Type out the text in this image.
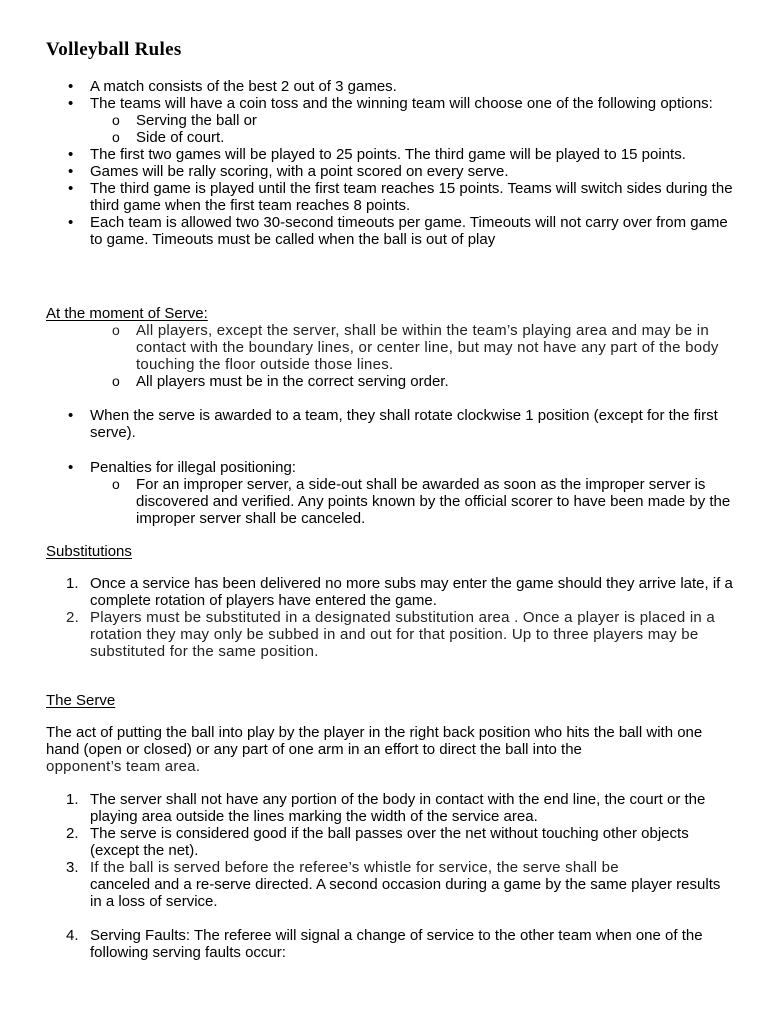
Volleyball Rules
•
A match consists of the best 2 out of 3 games.
•
The teams will have a coin toss and the winning team will choose one of the following options:
o Serving the ball or
o Side of court.
•
The first two games will be played to 25 points. The third game will be played to 15 points.
•
Games will be rally scoring, with a point scored on every serve.
•
The third game is played until the first team reaches 15 points. Teams will switch sides during the third game when the first team reaches 8 points.
•
Each team is allowed two 30-second timeouts per game. Timeouts will not carry over from game to game. Timeouts must be called when the ball is out of play
At the moment of Serve:
o All players, except the server, shall be within the team’s playing area and may be in contact with the boundary lines, or center line, but may not have any part of the body touching the floor outside those lines.
o All players must be in the correct serving order.
•
When the serve is awarded to a team, they shall rotate clockwise 1 position (except for the first serve).
•
Penalties for illegal positioning:
o For an improper server, a side-out shall be awarded as soon as the improper server is discovered and verified. Any points known by the official scorer to have been made by the improper server shall be canceled.
Substitutions
1. Once a service has been delivered no more subs may enter the game should they arrive late, if a complete rotation of players have entered the game.
2. Players must be substituted in a designated substitution area . Once a player is placed in a rotation they may only be subbed in and out for that position. Up to three players may be substituted for the same position.
The Serve
The act of putting the ball into play by the player in the right back position who hits the ball with one hand (open or closed) or any part of one arm in an effort to direct the ball into the
opponent’s team area.
1. The server shall not have any portion of the body in contact with the end line, the court or the playing area outside the lines marking the width of the service area.
2. The serve is considered good if the ball passes over the net without touching other objects (except the net).
3. If the ball is served before the referee’s whistle for service, the serve shall be
canceled and a re-serve directed. A second occasion during a game by the same player results in a loss of service.
4. Serving Faults: The referee will signal a change of service to the other team when one of the following serving faults occur:
